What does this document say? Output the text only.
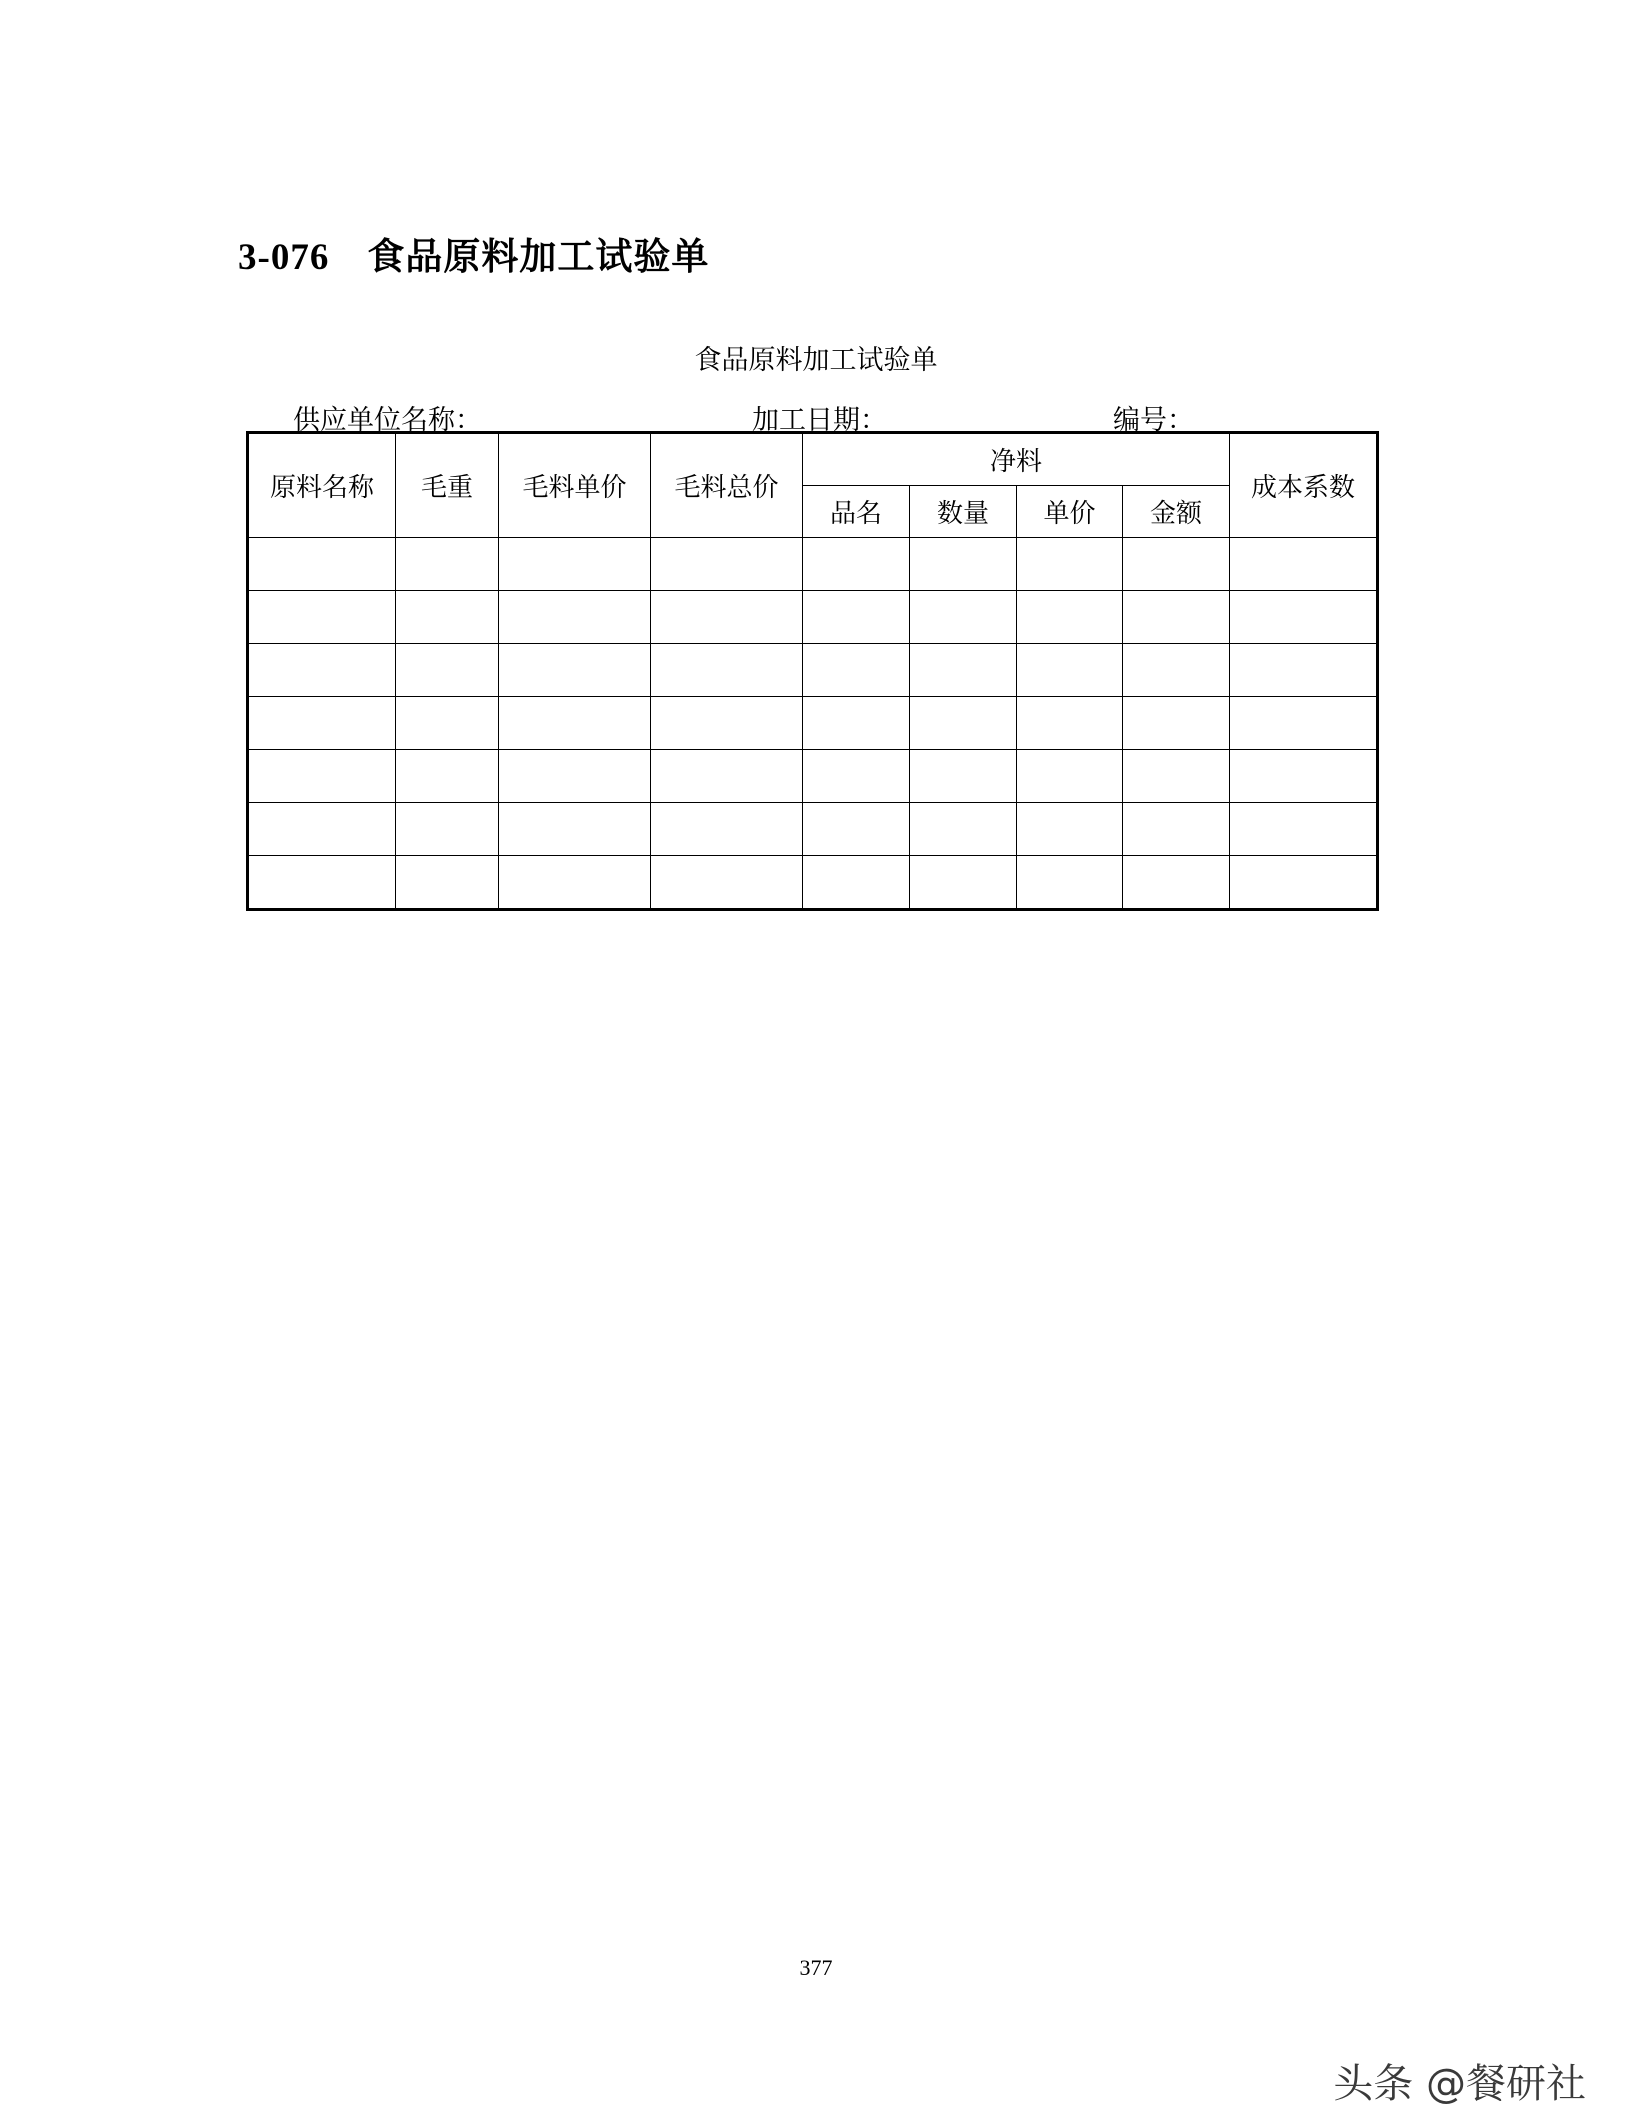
3-076 食品原料加工试验单
食品原料加工试验单
供应单位名称：	加工日期：	编号：
原料名称	毛重	毛料单价	毛料总价	净料				成本系数
				品名	数量	单价	金额	

377
头条 @餐研社
